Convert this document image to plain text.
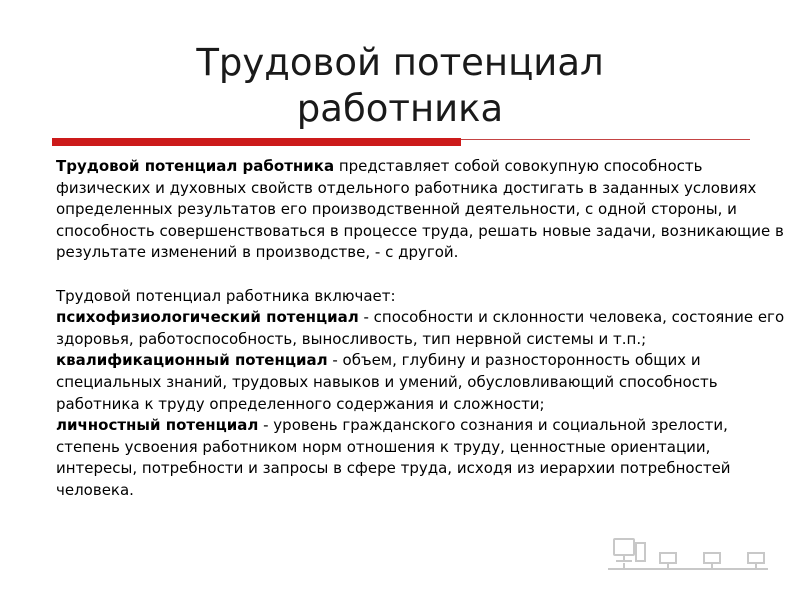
Трудовой потенциал
работника

Трудовой потенциал работника представляет собой совокупную способность физических и духовных свойств отдельного работника достигать в заданных условиях определенных результатов его производственной деятельности, с одной стороны, и способность совершенствоваться в процессе труда, решать новые задачи, возникающие в результате изменений в производстве, - с другой.

Трудовой потенциал работника включает:

психофизиологический потенциал - способности и склонности человека, состояние его здоровья, работоспособность, выносливость, тип нервной системы и т.п.;

квалификационный потенциал - объем, глубину и разносторонность общих и специальных знаний, трудовых навыков и умений, обусловливающий способность работника к труду определенного содержания и сложности;

личностный потенциал - уровень гражданского сознания и социальной зрелости, степень усвоения работником норм отношения к труду, ценностные ориентации, интересы, потребности и запросы в сфере труда, исходя из иерархии потребностей человека.
